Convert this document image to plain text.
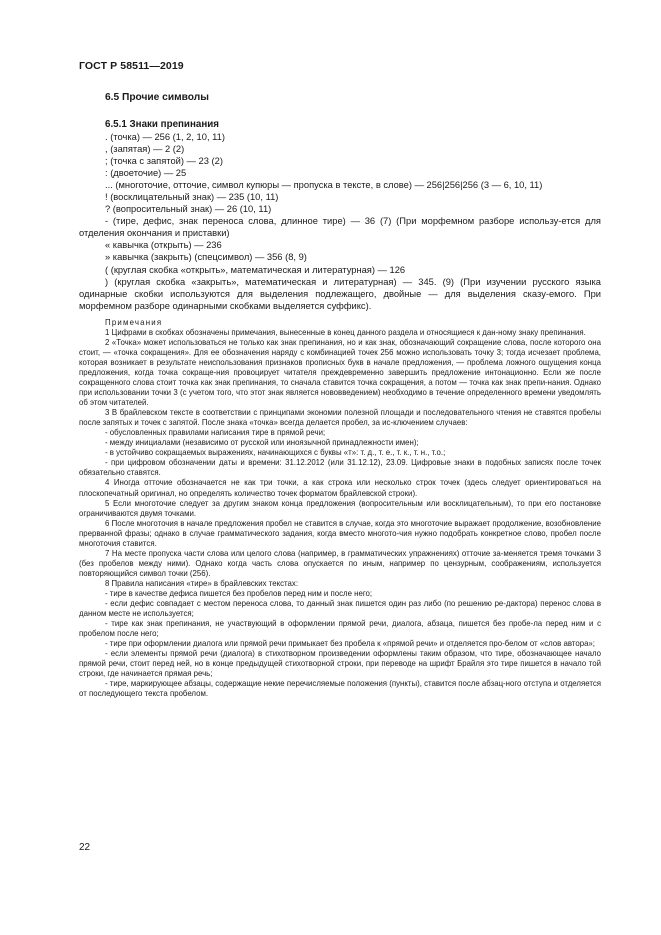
ГОСТ Р 58511—2019
6.5 Прочие символы
6.5.1 Знаки препинания

. (точка) — 256 (1, 2, 10, 11)

, (запятая) — 2 (2)

; (точка с запятой) — 23 (2)

: (двоеточие) — 25

... (многоточие, отточие, символ купюры — пропуска в тексте, в слове) — 256|256|256 (3 — 6, 10, 11)

! (восклицательный знак) — 235 (10, 11)

? (вопросительный знак) — 26 (10, 11)

- (тире, дефис, знак переноса слова, длинное тире) — 36 (7) (При морфемном разборе использу-ется для отделения окончания и приставки)

« кавычка (открыть) — 236

» кавычка (закрыть) (спецсимвол) — 356 (8, 9)

( (круглая скобка «открыть», математическая и литературная) — 126

) (круглая скобка «закрыть», математическая и литературная) — 345. (9) (При изучении русского языка одинарные скобки используются для выделения подлежащего, двойные — для выделения сказу-емого. При морфемном разборе одинарными скобками выделяется суффикс).

Примечания

1 Цифрами в скобках обозначены примечания, вынесенные в конец данного раздела и относящиеся к дан-ному знаку препинания.

2 «Точка» может использоваться не только как знак препинания, но и как знак, обозначающий сокращение слова, после которого она стоит, — «точка сокращения». Для ее обозначения наряду с комбинацией точек 256 можно использовать точку 3; тогда исчезает проблема, которая возникает в результате неиспользования признаков прописных букв в начале предложения, — проблема ложного ощущения конца предложения, когда точка сокраще-ния провоцирует читателя преждевременно завершить предложение интонационно. Если же после сокращенного слова стоит точка как знак препинания, то сначала ставится точка сокращения, а потом — точка как знак препи-нания. Однако при использовании точки 3 (с учетом того, что этот знак является нововведением) необходимо в течение определенного времени уведомлять об этом читателей.

3 В брайлевском тексте в соответствии с принципами экономии полезной площади и последовательного чтения не ставятся пробелы после запятых и точек с запятой. После знака «точка» всегда делается пробел, за ис-ключением случаев:

- обусловленных правилами написания тире в прямой речи;

- между инициалами (независимо от русской или иноязычной принадлежности имен);

- в устойчиво сокращаемых выражениях, начинающихся с буквы «т»: т. д., т. е., т. к., т. н., т.о.;

- при цифровом обозначении даты и времени: 31.12.2012 (или 31.12.12), 23.09. Цифровые знаки в подобных записях после точек обязательно ставятся.

4 Иногда отточие обозначается не как три точки, а как строка или несколько строк точек (здесь следует ориентироваться на плоскопечатный оригинал, но определять количество точек форматом брайлевской строки).

5 Если многоточие следует за другим знаком конца предложения (вопросительным или восклицательным), то при его постановке ограничиваются двумя точками.

6 После многоточия в начале предложения пробел не ставится в случае, когда это многоточие выражает продолжение, возобновление прерванной фразы; однако в случае грамматического задания, когда вместо многото-чия нужно подобрать конкретное слово, пробел после многоточия ставится.

7 На месте пропуска части слова или целого слова (например, в грамматических упражнениях) отточие за-меняется тремя точками 3 (без пробелов между ними). Однако когда часть слова опускается по иным, например по цензурным, соображениям, используется повторяющийся символ точки (256).

8 Правила написания «тире» в брайлевских текстах:

- тире в качестве дефиса пишется без пробелов перед ним и после него;

- если дефис совпадает с местом переноса слова, то данный знак пишется один раз либо (по решению ре-дактора) перенос слова в данном месте не используется;

- тире как знак препинания, не участвующий в оформлении прямой речи, диалога, абзаца, пишется без пробе-ла перед ним и с пробелом после него;

- тире при оформлении диалога или прямой речи примыкает без пробела к «прямой речи» и отделяется про-белом от «слов автора»;

- если элементы прямой речи (диалога) в стихотворном произведении оформлены таким образом, что тире, обозначающее начало прямой речи, стоит перед ней, но в конце предыдущей стихотворной строки, при переводе на шрифт Брайля это тире пишется в начало той строки, где начинается прямая речь;

- тире, маркирующее абзацы, содержащие некие перечисляемые положения (пункты), ставится после абзац-ного отступа и отделяется от последующего текста пробелом.

22
